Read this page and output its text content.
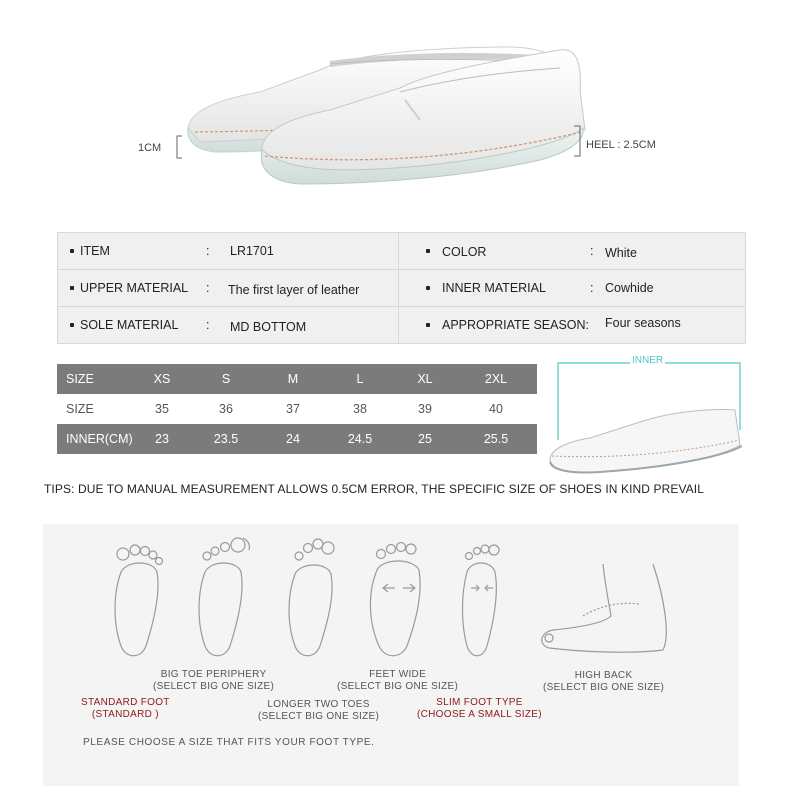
1CM	HEEL : 2.5CM
ITEM	: LR1701	COLOR	: White
UPPER MATERIAL : The first layer of leather	INNER MATERIAL	: Cowhide
SOLE MATERIAL : MD BOTTOM	APPROPRIATE SEASON: Four seasons
SIZE	XS	S	M	L	XL	2XL
SIZE	35	36	37	38	39	40
INNER(CM)	23	23.5	24	24.5	25	25.5
INNER
TIPS: DUE TO MANUAL MEASUREMENT ALLOWS 0.5CM ERROR, THE SPECIFIC SIZE OF SHOES IN KIND PREVAIL
BIG TOE PERIPHERY
(SELECT BIG ONE SIZE)
FEET WIDE
(SELECT BIG ONE SIZE)
HIGH BACK
(SELECT BIG ONE SIZE)
STANDARD FOOT
(STANDARD )
LONGER TWO TOES
(SELECT BIG ONE SIZE)
SLIM FOOT TYPE
(CHOOSE A SMALL SIZE)
PLEASE CHOOSE A SIZE THAT FITS YOUR FOOT TYPE.
